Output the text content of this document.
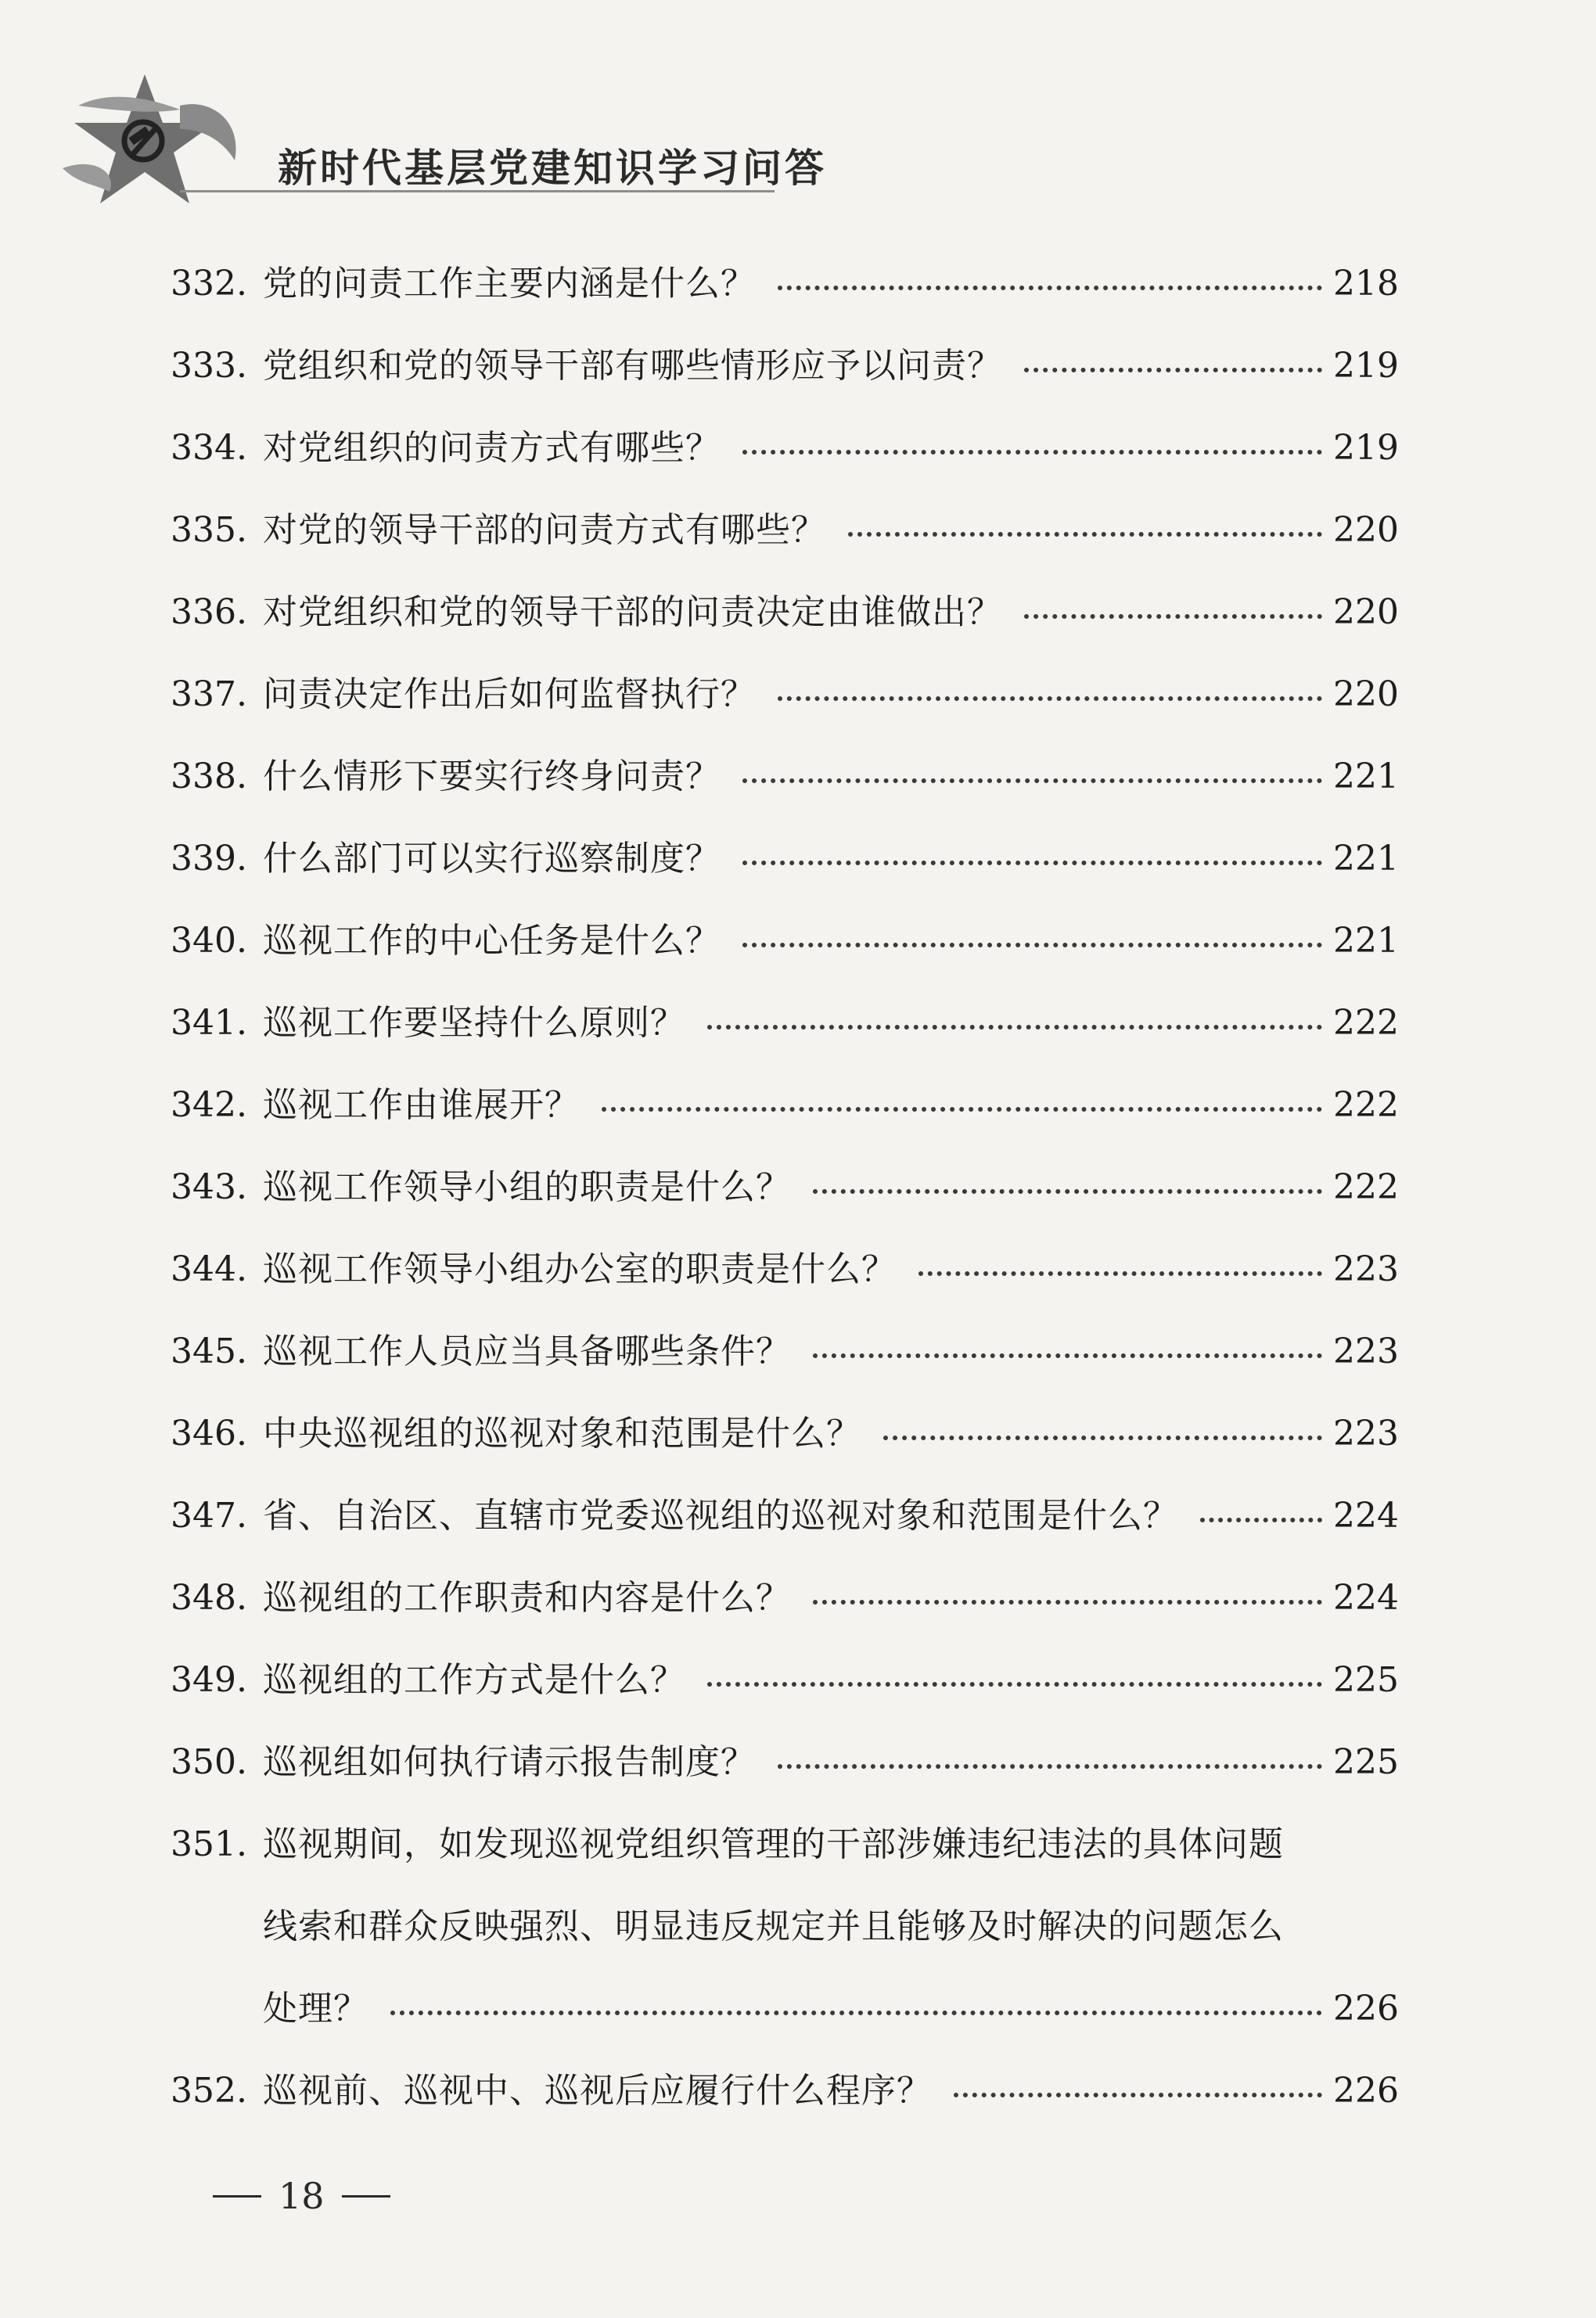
新时代基层党建知识学习问答
332. 党的问责工作主要内涵是什么？	218
333. 党组织和党的领导干部有哪些情形应予以问责？	219
334. 对党组织的问责方式有哪些？	219
335. 对党的领导干部的问责方式有哪些？	220
336. 对党组织和党的领导干部的问责决定由谁做出？	220
337. 问责决定作出后如何监督执行？	220
338. 什么情形下要实行终身问责？	221
339. 什么部门可以实行巡察制度？	221
340. 巡视工作的中心任务是什么？	221
341. 巡视工作要坚持什么原则？	222
342. 巡视工作由谁展开？	222
343. 巡视工作领导小组的职责是什么？	222
344. 巡视工作领导小组办公室的职责是什么？	223
345. 巡视工作人员应当具备哪些条件？	223
346. 中央巡视组的巡视对象和范围是什么？	223
347. 省、自治区、直辖市党委巡视组的巡视对象和范围是什么？	224
348. 巡视组的工作职责和内容是什么？	224
349. 巡视组的工作方式是什么？	225
350. 巡视组如何执行请示报告制度？	225
351. 巡视期间，如发现巡视党组织管理的干部涉嫌违纪违法的具体问题
线索和群众反映强烈、明显违反规定并且能够及时解决的问题怎么
处理？	226
352. 巡视前、巡视中、巡视后应履行什么程序？	226
18
